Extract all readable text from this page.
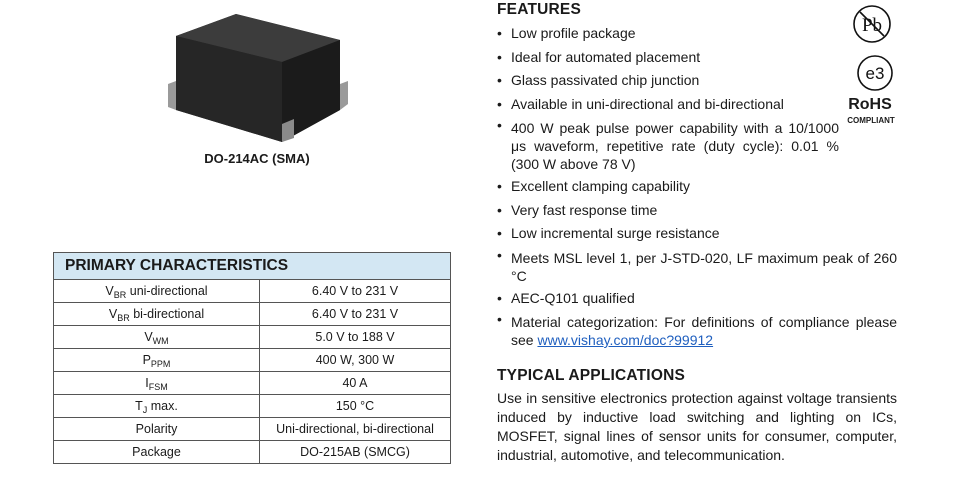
DO-214AC (SMA)
PRIMARY CHARACTERISTICS	
$V_{BR}$ uni-directional	6.40 V to 231 V
$V_{BR}$ bi-directional	6.40 V to 231 V
$V_{WM}$	5.0 V to 188 V
$P_{PPM}$	400 W, 300 W
$I_{FSM}$	40 A
$T_J$ max.	150 °C
Polarity	Uni-directional, bi-directional
Package	DO-215AB (SMCG)
FEATURES
• Low profile package
• Ideal for automated placement
• Glass passivated chip junction
• Available in uni-directional and bi-directional
• 400 W peak pulse power capability with a 10/1000 μs waveform, repetitive rate (duty cycle): 0.01 % (300 W above 78 V)
• Excellent clamping capability
• Very fast response time
• Low incremental surge resistance
• Meets MSL level 1, per J-STD-020, LF maximum peak of 260 °C
• AEC-Q101 qualified
• Material categorization: For definitions of compliance please see www.vishay.com/doc?99912
TYPICAL APPLICATIONS
Use in sensitive electronics protection against voltage transients induced by inductive load switching and lighting on ICs, MOSFET, signal lines of sensor units for consumer, computer, industrial, automotive, and telecommunication.
Pb
e3
RoHS
COMPLIANT
